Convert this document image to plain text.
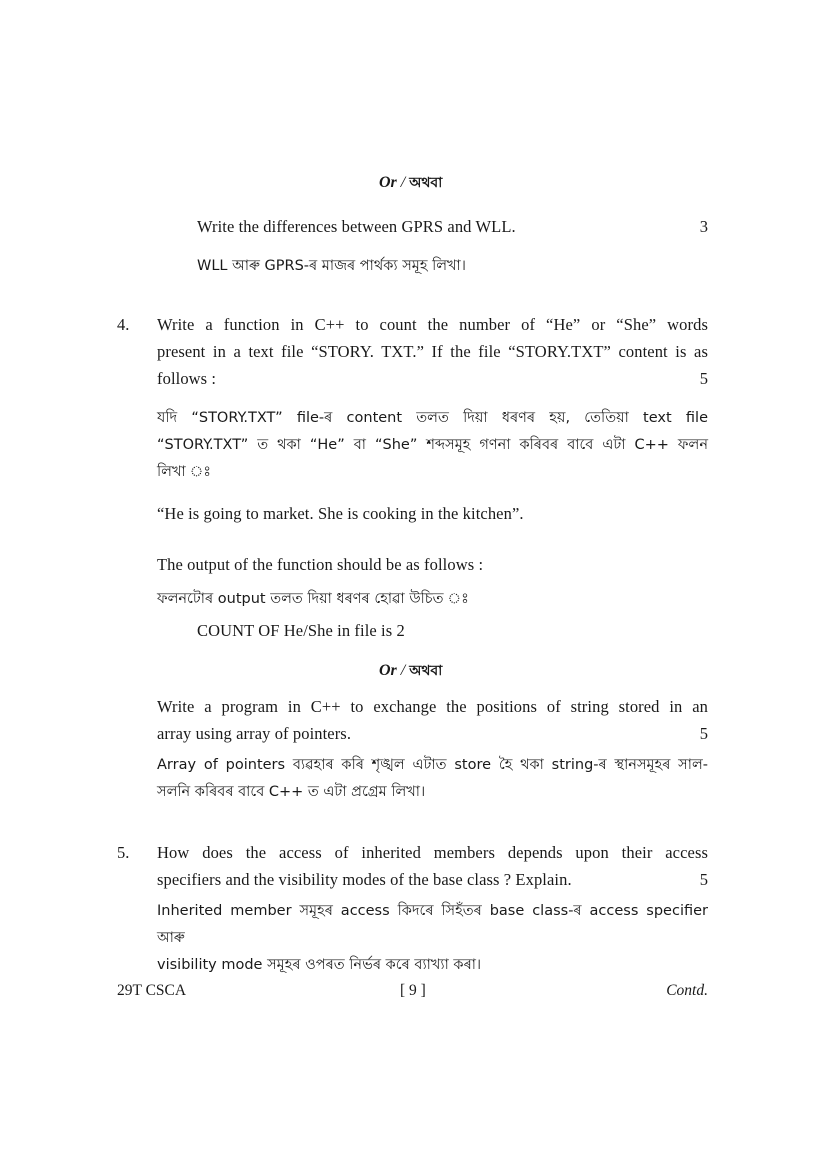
Or / অথবা
Write the differences between GPRS and WLL.	3
WLL আৰু GPRS-ৰ মাজৰ পাৰ্থক্য সমূহ লিখা।
4. Write a function in C++ to count the number of “He” or “She” words
present in a text file “STORY. TXT.” If the file “STORY.TXT” content is as
follows :	5
যদি “STORY.TXT” file-ৰ content তলত দিয়া ধৰণৰ হয়, তেতিয়া text file
“STORY.TXT” ত থকা “He” বা “She” শব্দসমূহ গণনা কৰিবৰ বাবে এটা C++ ফলন
লিখা ঃ
“He is going to market. She is cooking in the kitchen”.
The output of the function should be as follows :
ফলনটোৰ output তলত দিয়া ধৰণৰ হোৱা উচিত ঃ
COUNT OF He/She in file is 2
Or / অথবা
Write a program in C++ to exchange the positions of string stored in an
array using array of pointers.	5
Array of pointers ব্যৱহাৰ কৰি শৃঙ্খল এটাত store হৈ থকা string-ৰ স্থানসমূহৰ সাল-
সলনি কৰিবৰ বাবে C++ ত এটা প্ৰগ্ৰেম লিখা।
5. How does the access of inherited members depends upon their access
specifiers and the visibility modes of the base class ? Explain.	5
Inherited member সমূহৰ access কিদৰে সিহঁতৰ base class-ৰ access specifier আৰু
visibility mode সমূহৰ ওপৰত নিৰ্ভৰ কৰে ব্যাখ্যা কৰা।
29T CSCA	[ 9 ]	Contd.
